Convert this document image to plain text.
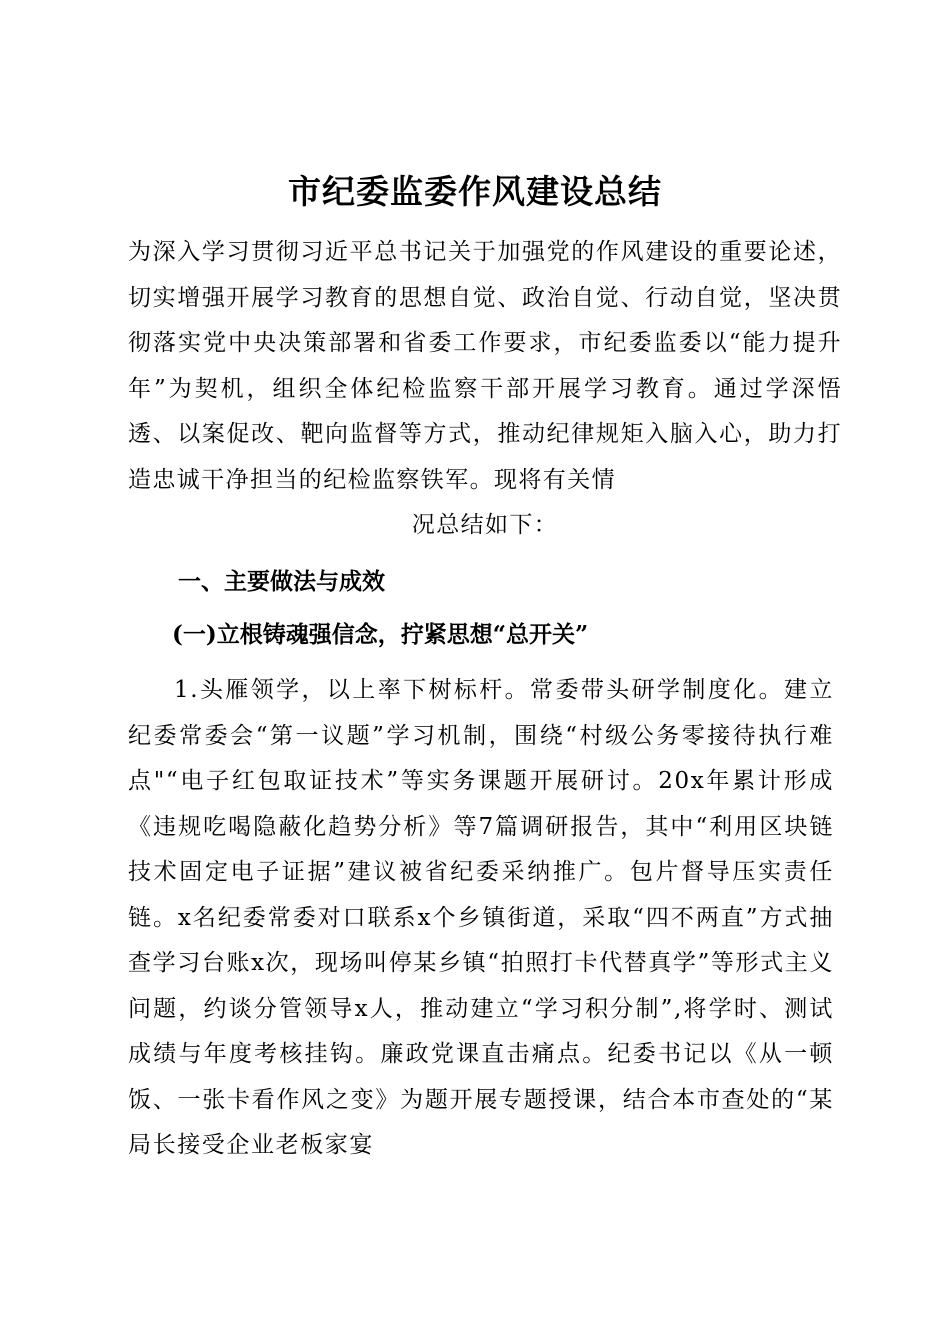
市纪委监委作风建设总结

为深入学习贯彻习近平总书记关于加强党的作风建设的重要论述，切实增强开展学习教育的思想自觉、政治自觉、行动自觉，坚决贯彻落实党中央决策部署和省委工作要求，市纪委监委以“能力提升年”为契机，组织全体纪检监察干部开展学习教育。通过学深悟透、以案促改、靶向监督等方式，推动纪律规矩入脑入心，助力打造忠诚干净担当的纪检监察铁军。现将有关情
况总结如下：

一、主要做法与成效
(一)立根铸魂强信念，拧紧思想“总开关”

1.头雁领学，以上率下树标杆。常委带头研学制度化。建立纪委常委会“第一议题”学习机制，围绕“村级公务零接待执行难点"“电子红包取证技术”等实务课题开展研讨。20x年累计形成《违规吃喝隐蔽化趋势分析》等7篇调研报告，其中“利用区块链技术固定电子证据”建议被省纪委采纳推广。包片督导压实责任链。x名纪委常委对口联系x个乡镇街道，采取“四不两直”方式抽查学习台账x次，现场叫停某乡镇“拍照打卡代替真学”等形式主义问题，约谈分管领导x人，推动建立“学习积分制”,将学时、测试成绩与年度考核挂钩。廉政党课直击痛点。纪委书记以《从一顿饭、一张卡看作风之变》为题开展专题授课，结合本市查处的“某局长接受企业老板家宴
